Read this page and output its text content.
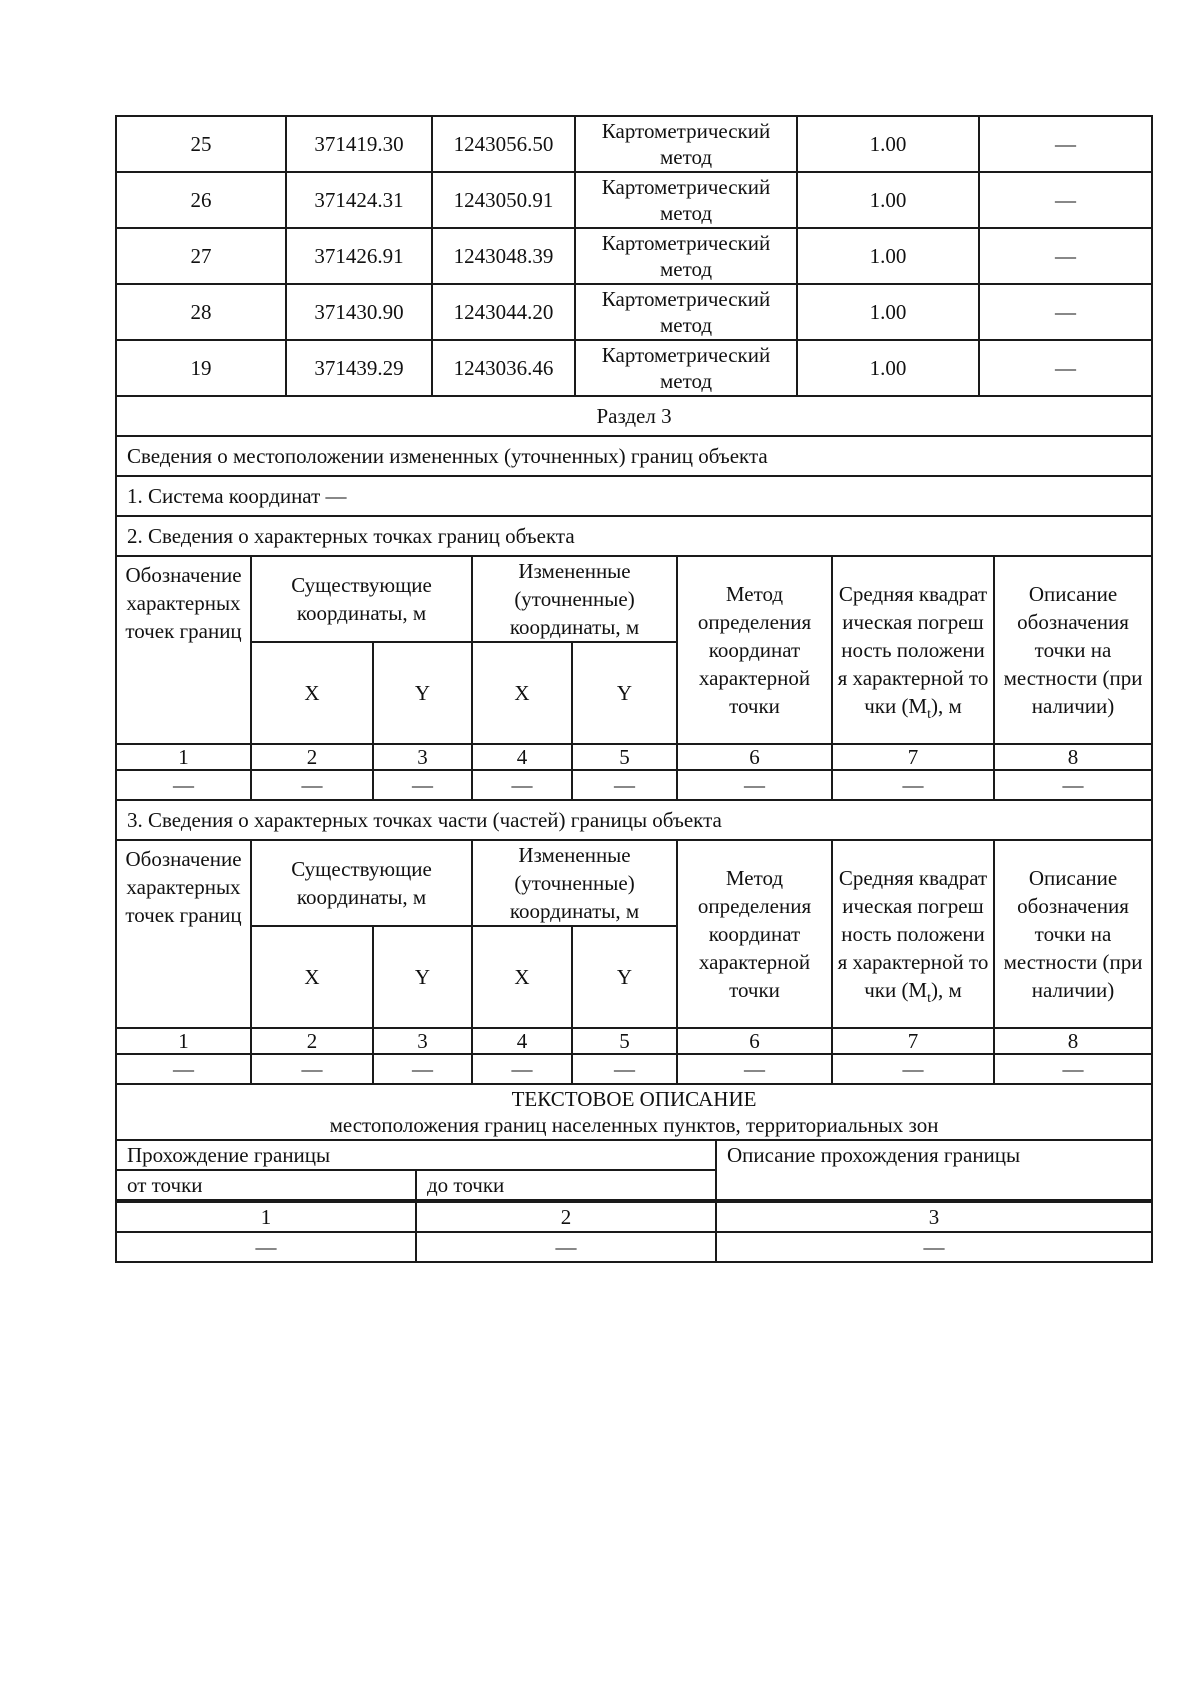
25	371419.30	1243056.50	Картометрический метод	1.00	—
26	371424.31	1243050.91	Картометрический метод	1.00	—
27	371426.91	1243048.39	Картометрический метод	1.00	—
28	371430.90	1243044.20	Картометрический метод	1.00	—
19	371439.29	1243036.46	Картометрический метод	1.00	—
Раздел 3							
Сведения о местоположении измененных (уточненных) границ объекта							
1. Система координат —							
2. Сведения о характерных точках границ объекта							
Обозначение характерных точек границ	Существующие координаты, м		Измененные (уточненные) координаты, м		Метод определения координат характерной точки	Средняя квадратическая погрешность положения характерной точки $(M_t)$, м	Описание обозначения точки на местности (при наличии)
	X	Y	X	Y			
1	2	3	4	5	6	7	8
—	—	—	—	—	—	—	—
3. Сведения о характерных точках части (частей) границы объекта							
Обозначение характерных точек границ	Существующие координаты, м		Измененные (уточненные) координаты, м		Метод определения координат характерной точки	Средняя квадратическая погрешность положения характерной точки $(M_t)$, м	Описание обозначения точки на местности (при наличии)
	X	Y	X	Y			
1	2	3	4	5	6	7	8
—	—	—	—	—	—	—	—
ТЕКСТОВОЕ ОПИСАНИЕ
местоположения границ населенных пунктов, территориальных зон		

Прохождение границы		Описание прохождения границы
от точки	до точки	
1	2	3
—	—	—
